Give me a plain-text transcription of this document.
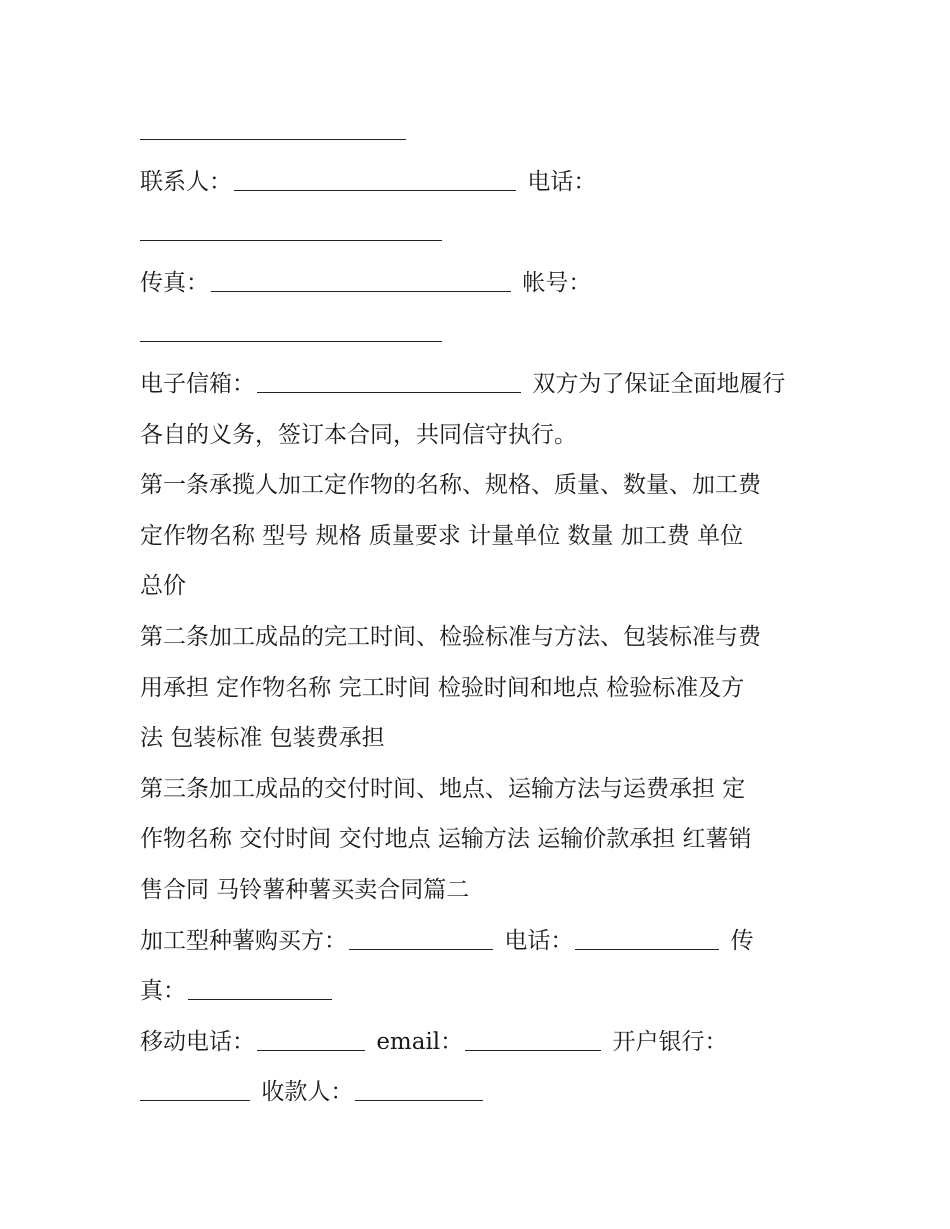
联系人：	电话：
传真：	帐号：
电子信箱：	双方为了保证全面地履行
各自的义务，签订本合同，共同信守执行。
第一条承揽人加工定作物的名称、规格、质量、数量、加工费
定作物名称 型号 规格 质量要求 计量单位 数量 加工费 单位
总价
第二条加工成品的完工时间、检验标准与方法、包装标准与费
用承担 定作物名称 完工时间 检验时间和地点 检验标准及方
法 包装标准 包装费承担
第三条加工成品的交付时间、地点、运输方法与运费承担 定
作物名称 交付时间 交付地点 运输方法 运输价款承担 红薯销
售合同 马铃薯种薯买卖合同篇二
加工型种薯购买方：	电话：	传
真：
移动电话：	email：	开户银行：
收款人：
